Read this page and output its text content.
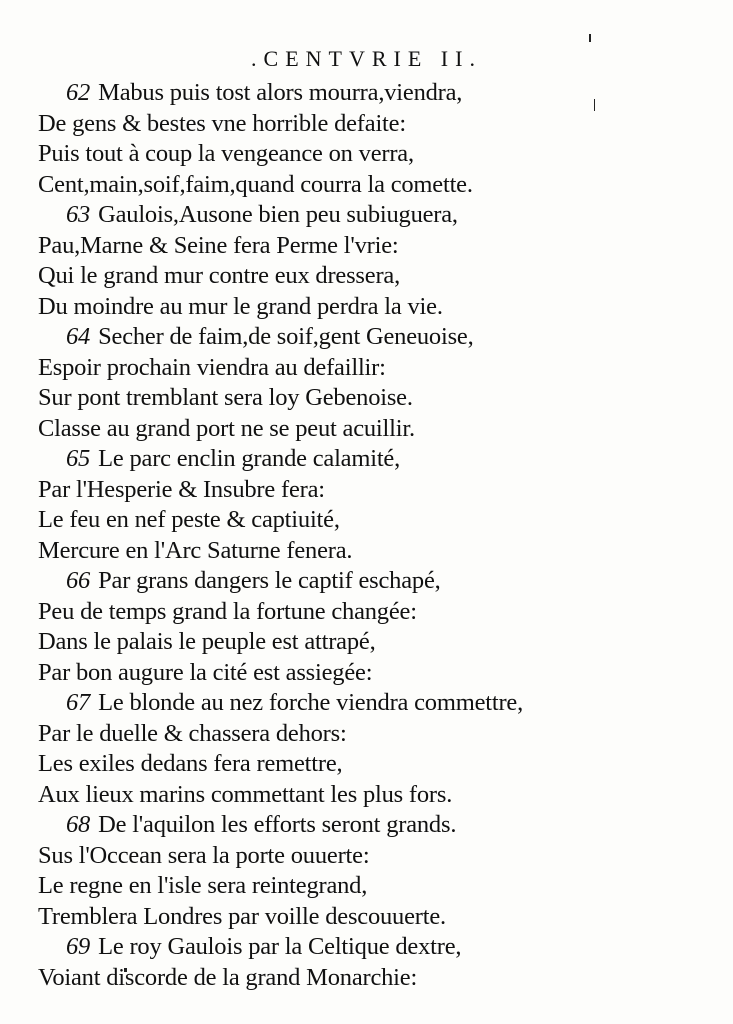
.CENTVRIE II.
62 Mabus puis tost alors mourra,viendra,
De gens & bestes vne horrible defaite:
Puis tout à coup la vengeance on verra,
Cent,main,soif,faim,quand courra la comette.
63 Gaulois,Ausone bien peu subiuguera,
Pau,Marne & Seine fera Perme l'vrie:
Qui le grand mur contre eux dressera,
Du moindre au mur le grand perdra la vie.
64 Secher de faim,de soif,gent Geneuoise,
Espoir prochain viendra au defaillir:
Sur pont tremblant sera loy Gebenoise.
Classe au grand port ne se peut acuillir.
65 Le parc enclin grande calamité,
Par l'Hesperie & Insubre fera:
Le feu en nef peste & captiuité,
Mercure en l'Arc Saturne fenera.
66 Par grans dangers le captif eschapé,
Peu de temps grand la fortune changée:
Dans le palais le peuple est attrapé,
Par bon augure la cité est assiegée:
67 Le blonde au nez forche viendra commettre,
Par le duelle & chassera dehors:
Les exiles dedans fera remettre,
Aux lieux marins commettant les plus fors.
68 De l'aquilon les efforts seront grands.
Sus l'Occean sera la porte ouuerte:
Le regne en l'isle sera reintegrand,
Tremblera Londres par voille descouuerte.
69 Le roy Gaulois par la Celtique dextre,
Voiant discorde de la grand Monarchie:
